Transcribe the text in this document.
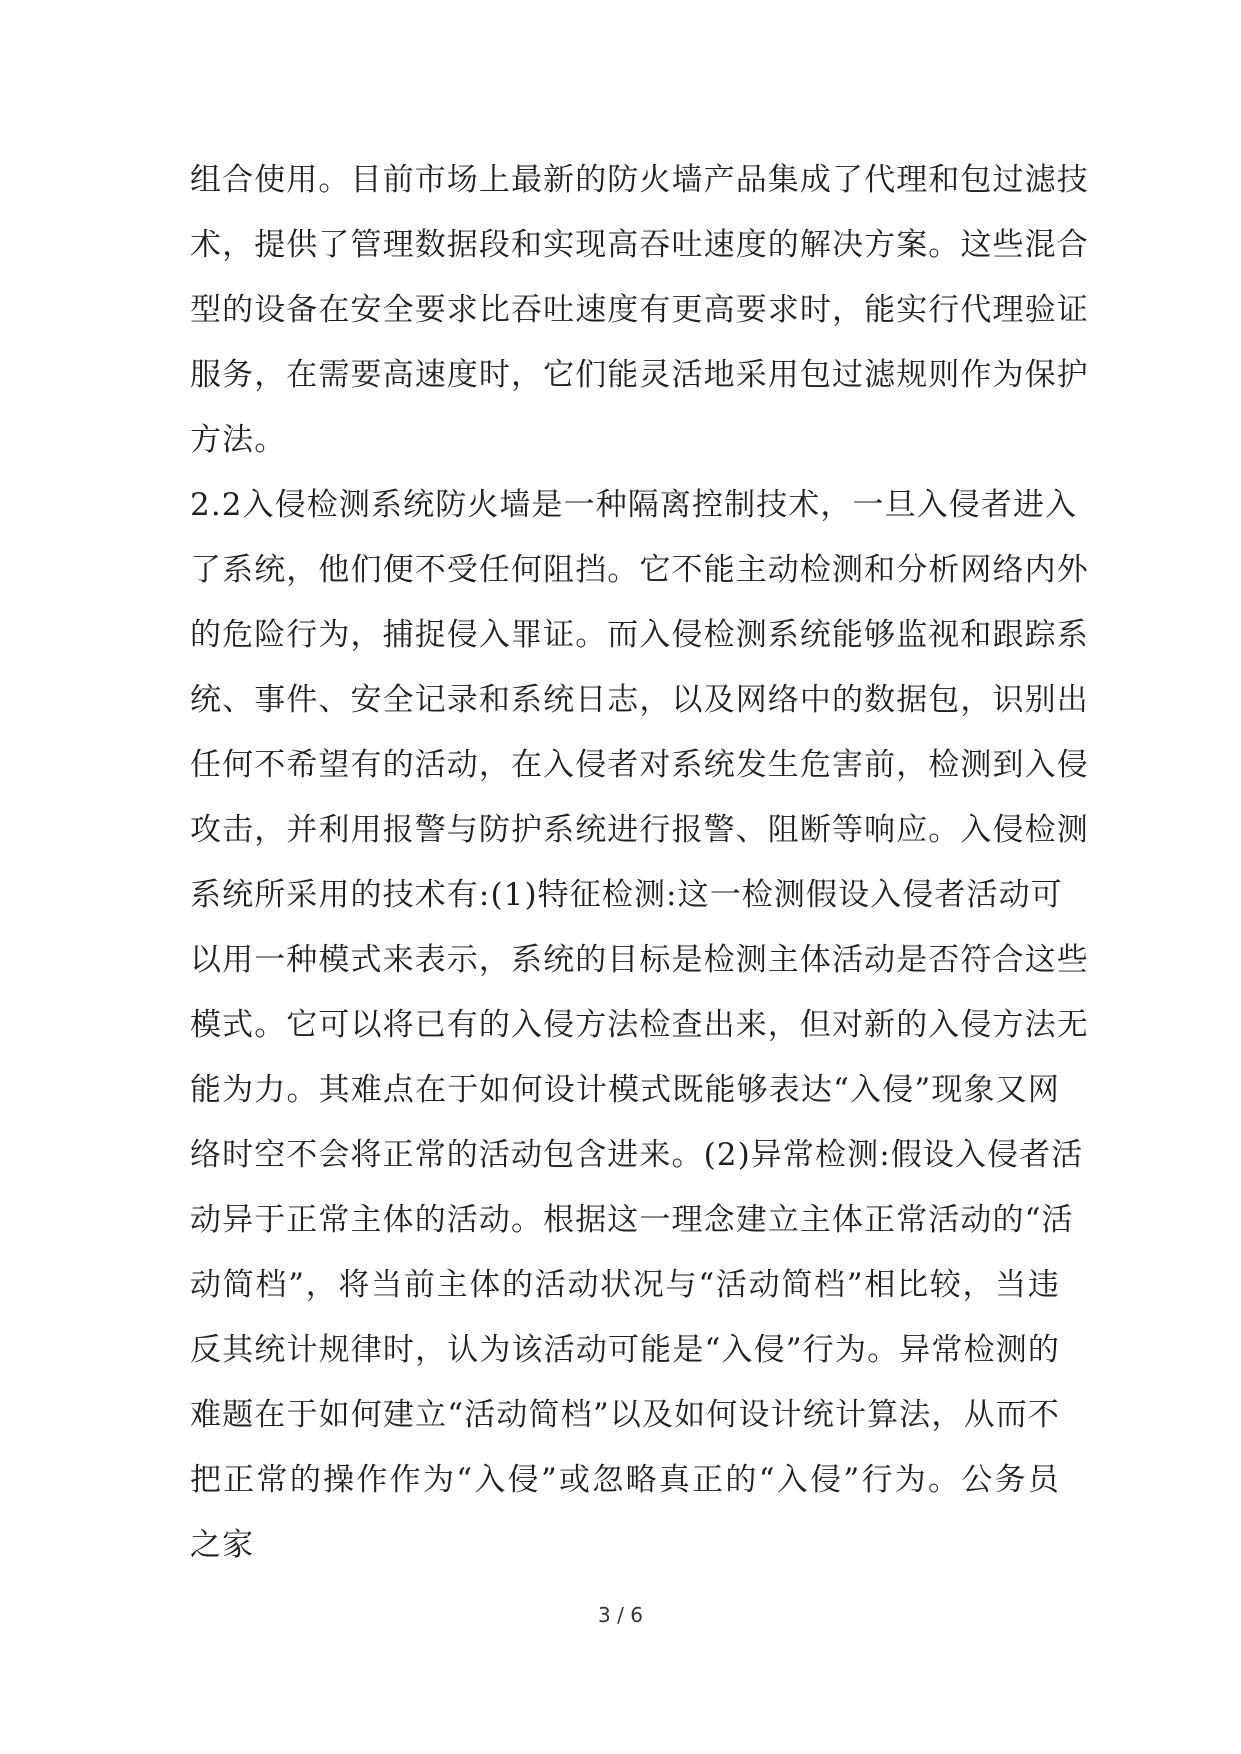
组合使用。目前市场上最新的防火墙产品集成了代理和包过滤技
术，提供了管理数据段和实现高吞吐速度的解决方案。这些混合
型的设备在安全要求比吞吐速度有更高要求时，能实行代理验证
服务，在需要高速度时，它们能灵活地采用包过滤规则作为保护
方法。
2.2入侵检测系统防火墙是一种隔离控制技术，一旦入侵者进入
了系统，他们便不受任何阻挡。它不能主动检测和分析网络内外
的危险行为，捕捉侵入罪证。而入侵检测系统能够监视和跟踪系
统、事件、安全记录和系统日志，以及网络中的数据包，识别出
任何不希望有的活动，在入侵者对系统发生危害前，检测到入侵
攻击，并利用报警与防护系统进行报警、阻断等响应。入侵检测
系统所采用的技术有:(1)特征检测:这一检测假设入侵者活动可
以用一种模式来表示，系统的目标是检测主体活动是否符合这些
模式。它可以将已有的入侵方法检查出来，但对新的入侵方法无
能为力。其难点在于如何设计模式既能够表达“入侵”现象又网
络时空不会将正常的活动包含进来。(2)异常检测:假设入侵者活
动异于正常主体的活动。根据这一理念建立主体正常活动的“活
动简档”，将当前主体的活动状况与“活动简档”相比较，当违
反其统计规律时，认为该活动可能是“入侵”行为。异常检测的
难题在于如何建立“活动简档”以及如何设计统计算法，从而不
把正常的操作作为“入侵”或忽略真正的“入侵”行为。公务员
之家
3 / 6
